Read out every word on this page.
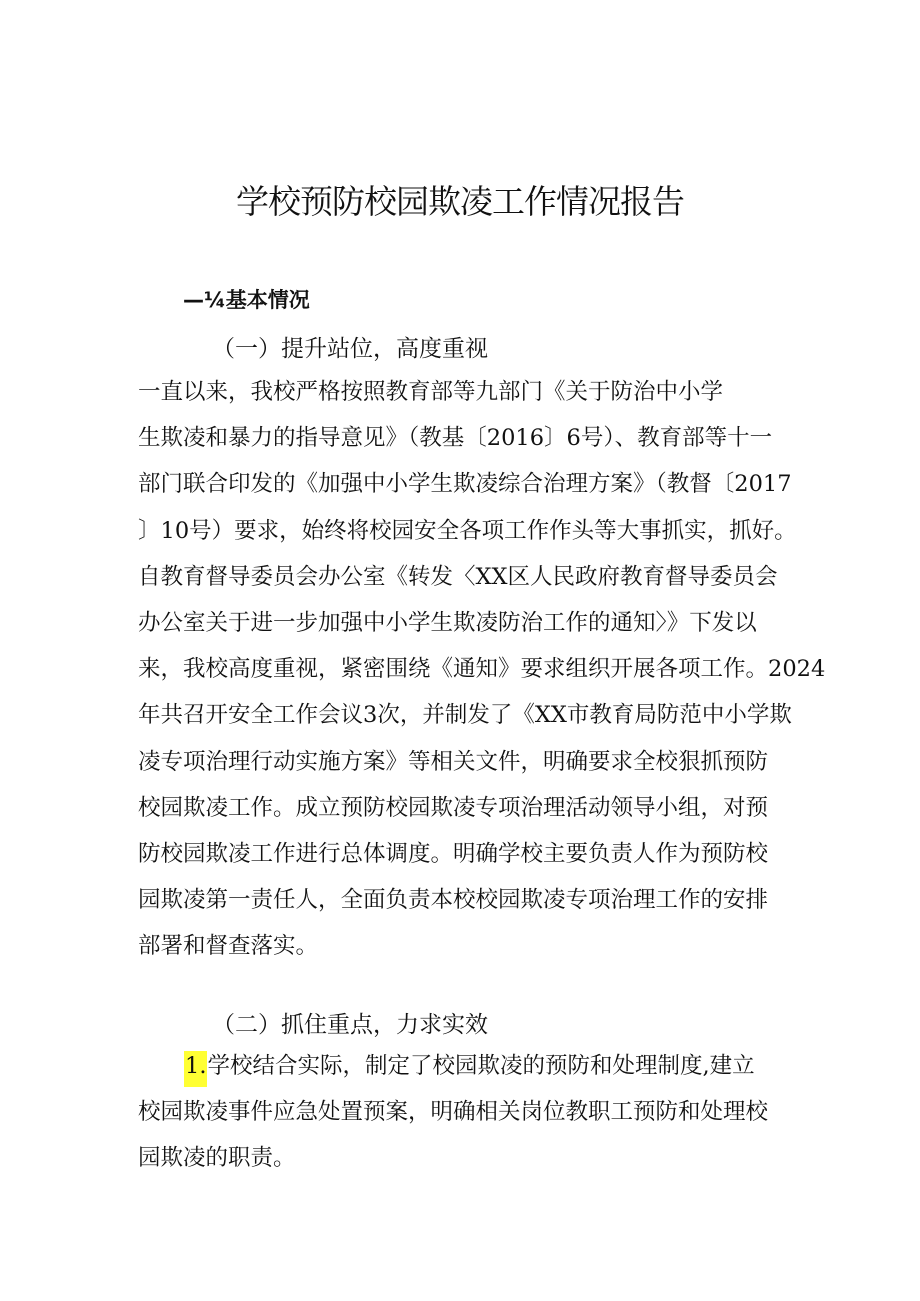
学校预防校园欺凌工作情况报告
—¼基本情况
（一）提升站位，高度重视
一直以来，我校严格按照教育部等九部门《关于防治中小学
生欺凌和暴力的指导意见》（教基〔2016〕6号）、教育部等十一
部门联合印发的《加强中小学生欺凌综合治理方案》（教督〔2017
〕10号）要求，始终将校园安全各项工作作头等大事抓实，抓好。
自教育督导委员会办公室《转发〈XX区人民政府教育督导委员会
办公室关于进一步加强中小学生欺凌防治工作的通知〉》下发以
来，我校高度重视，紧密围绕《通知》要求组织开展各项工作。2024
年共召开安全工作会议3次，并制发了《XX市教育局防范中小学欺
凌专项治理行动实施方案》等相关文件，明确要求全校狠抓预防
校园欺凌工作。成立预防校园欺凌专项治理活动领导小组，对预
防校园欺凌工作进行总体调度。明确学校主要负责人作为预防校
园欺凌第一责任人，全面负责本校校园欺凌专项治理工作的安排
部署和督查落实。
（二）抓住重点，力求实效
1.学校结合实际，制定了校园欺凌的预防和处理制度,建立
校园欺凌事件应急处置预案，明确相关岗位教职工预防和处理校
园欺凌的职责。
